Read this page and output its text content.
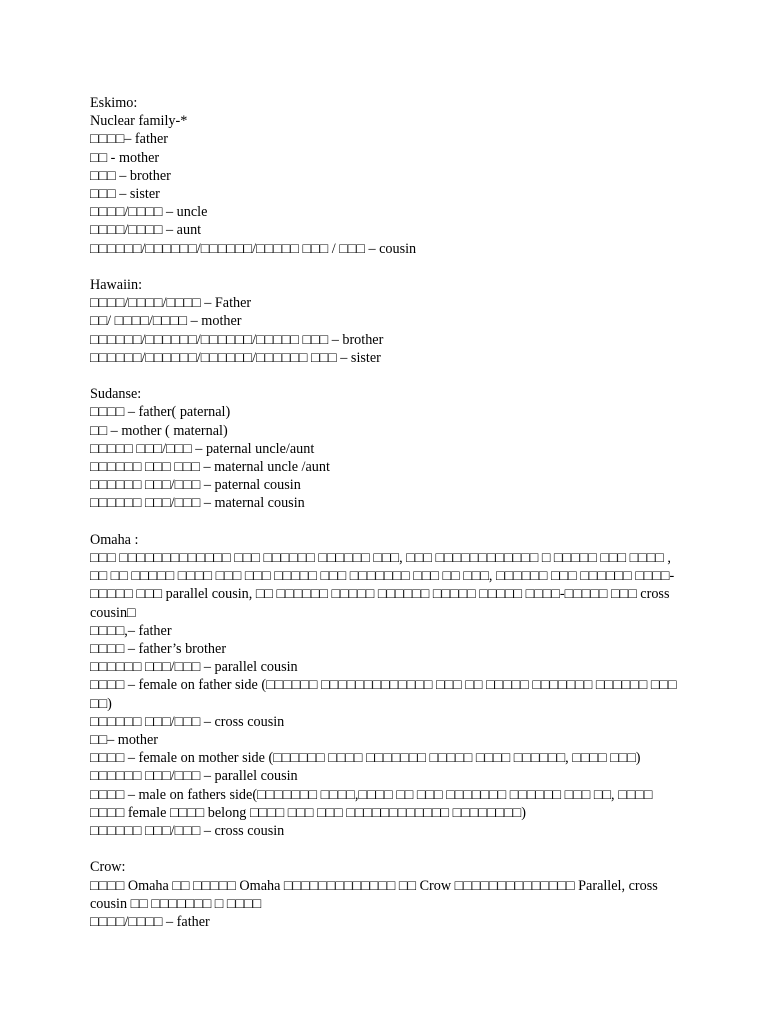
Eskimo:
Nuclear family-*
□□□□– father
□□ - mother
□□□ – brother
□□□ – sister
□□□□/□□□□ – uncle
□□□□/□□□□ – aunt
□□□□□□/□□□□□□/□□□□□□/□□□□□ □□□ / □□□ – cousin
Hawaiin:
□□□□/□□□□/□□□□ – Father
□□/ □□□□/□□□□ – mother
□□□□□□/□□□□□□/□□□□□□/□□□□□ □□□ – brother
□□□□□□/□□□□□□/□□□□□□/□□□□□□ □□□ – sister
Sudanse:
□□□□ – father( paternal)
□□ – mother ( maternal)
□□□□□ □□□/□□□ – paternal uncle/aunt
□□□□□□ □□□ □□□ – maternal uncle /aunt
□□□□□□ □□□/□□□ – paternal cousin
□□□□□□ □□□/□□□ – maternal cousin
Omaha :
□□□ □□□□□□□□□□□□□ □□□ □□□□□□ □□□□□□ □□□, □□□ □□□□□□□□□□□□ □ □□□□□ □□□ □□□□ , □□ □□ □□□□□ □□□□ □□□ □□□ □□□□□ □□□ □□□□□□□ □□□ □□ □□□, □□□□□□ □□□ □□□□□□ □□□□-□□□□□ □□□ parallel cousin, □□ □□□□□□ □□□□□ □□□□□□ □□□□□ □□□□□ □□□□-□□□□□ □□□ cross cousin□
□□□□,– father
□□□□ – father’s brother
□□□□□□ □□□/□□□ – parallel cousin
□□□□ – female on father side (□□□□□□ □□□□□□□□□□□□□ □□□ □□ □□□□□ □□□□□□□ □□□□□□ □□□ □□)
□□□□□□ □□□/□□□ – cross cousin
□□– mother
□□□□ – female on mother side (□□□□□□ □□□□ □□□□□□□ □□□□□ □□□□ □□□□□□, □□□□ □□□)
□□□□□□ □□□/□□□ – parallel cousin
□□□□ – male on fathers side(□□□□□□□ □□□□,□□□□ □□ □□□ □□□□□□□ □□□□□□ □□□ □□, □□□□ □□□□ female □□□□ belong □□□□ □□□ □□□ □□□□□□□□□□□□ □□□□□□□□)
□□□□□□ □□□/□□□ – cross cousin
Crow:
□□□□ Omaha □□ □□□□□ Omaha □□□□□□□□□□□□□ □□ Crow □□□□□□□□□□□□□□ Parallel, cross cousin □□ □□□□□□□ □ □□□□
□□□□/□□□□ – father
